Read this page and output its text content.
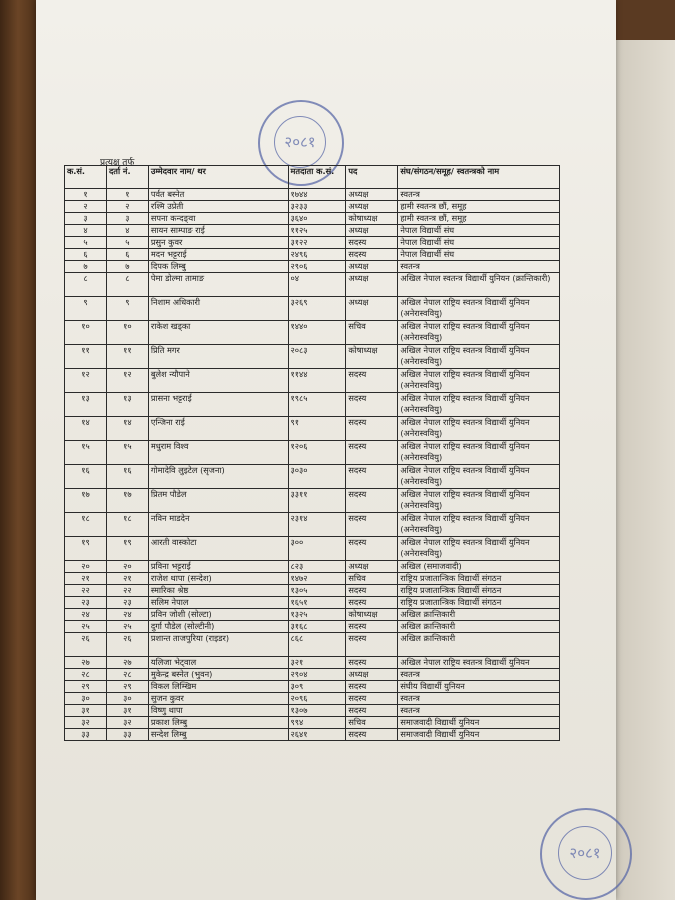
२०८१
प्रत्यक्ष तर्फ
क.सं.	दर्ता नं.	उम्मेदवार नाम/ थर	मतदाता क.सं.	पद	संघ/संगठन/समूह/ स्वतन्त्रको नाम
१	१	पर्वत बस्नेत	१७४४	अध्यक्ष	स्वतन्त्र
२	२	रश्मि उप्रेती	३२३३	अध्यक्ष	हामी स्वतन्त्र छौं, समूह
३	३	सपना कन्दङ्वा	३६४०	कोषाध्यक्ष	हामी स्वतन्त्र छौं, समूह
४	४	सायन साम्पाङ राई	११२५	अध्यक्ष	नेपाल विद्यार्थी संघ
५	५	प्रसुन कुवर	३१२२	सदस्य	नेपाल विद्यार्थी संघ
६	६	मदन भट्टराई	२४९६	सदस्य	नेपाल विद्यार्थी संघ
७	७	दिपक लिम्बु	२९०६	अध्यक्ष	स्वतन्त्र
८	८	पेमा डोल्मा तामाङ	०४	अध्यक्ष	अखिल नेपाल स्वतन्त्र विद्यार्थी युनियन (क्रान्तिकारी)
९	९	निशाम अधिकारी	३२६९	अध्यक्ष	अखिल नेपाल राष्ट्रिय स्वतन्त्र विद्यार्थी युनियन (अनेरास्ववियु)
१०	१०	राकेश खड्का	१४४०	सचिव	अखिल नेपाल राष्ट्रिय स्वतन्त्र विद्यार्थी युनियन (अनेरास्ववियु)
११	११	प्रिति मगर	२०८३	कोषाध्यक्ष	अखिल नेपाल राष्ट्रिय स्वतन्त्र विद्यार्थी युनियन (अनेरास्ववियु)
१२	१२	बुलेश न्यौपाने	११४४	सदस्य	अखिल नेपाल राष्ट्रिय स्वतन्त्र विद्यार्थी युनियन (अनेरास्ववियु)
१३	१३	प्रासना भट्टराई	१९८५	सदस्य	अखिल नेपाल राष्ट्रिय स्वतन्त्र विद्यार्थी युनियन (अनेरास्ववियु)
१४	१४	एन्जिना राई	९१	सदस्य	अखिल नेपाल राष्ट्रिय स्वतन्त्र विद्यार्थी युनियन (अनेरास्ववियु)
१५	१५	मधुराम विश्व	१२०६	सदस्य	अखिल नेपाल राष्ट्रिय स्वतन्त्र विद्यार्थी युनियन (अनेरास्ववियु)
१६	१६	गोमादेवि लुइटेल (सृजना)	३०३०	सदस्य	अखिल नेपाल राष्ट्रिय स्वतन्त्र विद्यार्थी युनियन (अनेरास्ववियु)
१७	१७	प्रितम पौडेल	३३११	सदस्य	अखिल नेपाल राष्ट्रिय स्वतन्त्र विद्यार्थी युनियन (अनेरास्ववियु)
१८	१८	नविन माडदेन	२३१४	सदस्य	अखिल नेपाल राष्ट्रिय स्वतन्त्र विद्यार्थी युनियन (अनेरास्ववियु)
१९	१९	आरती वास्कोटा	३००	सदस्य	अखिल नेपाल राष्ट्रिय स्वतन्त्र विद्यार्थी युनियन (अनेरास्ववियु)
२०	२०	प्रविना भट्टराई	८२३	अध्यक्ष	अखिल (समाजवादी)
२१	२१	राजेश थापा (सन्देश)	१४७२	सचिव	राष्ट्रिय प्रजातान्त्रिक विद्यार्थी संगठन
२२	२२	स्मारिका श्रेष्ठ	१३०५	सदस्य	राष्ट्रिय प्रजातान्त्रिक विद्यार्थी संगठन
२३	२३	सलिम नेपाल	१६५१	सदस्य	राष्ट्रिय प्रजातान्त्रिक विद्यार्थी संगठन
२४	२४	प्रविन जोशी (सोल्टा)	१३२५	कोषाध्यक्ष	अखिल क्रान्तिकारी
२५	२५	दुर्गा पौडेल (सोल्टीनी)	३१६८	सदस्य	अखिल क्रान्तिकारी
२६	२६	प्रशान्त ताजपुरिया (राइडर)	८६८	सदस्य	अखिल क्रान्तिकारी
२७	२७	यलिजा भेट्वाल	३२१	सदस्य	अखिल नेपाल राष्ट्रिय स्वतन्त्र विद्यार्थी युनियन
२८	२८	मुकेन्द्र बस्नेत (भुवन)	२९०४	अध्यक्ष	स्वतन्त्र
२९	२९	विकल लिम्खिम	३०९	सदस्य	संघीय विद्यार्थी युनियन
३०	३०	सुजन कुवर	२०९६	सदस्य	स्वतन्त्र
३१	३१	विष्णु थापा	१३०७	सदस्य	स्वतन्त्र
३२	३२	प्रकाश लिम्बु	९९४	सचिव	समाजवादी विद्यार्थी युनियन
३३	३३	सन्देश लिम्बु	२६४१	सदस्य	समाजवादी विद्यार्थी युनियन
२०८१
